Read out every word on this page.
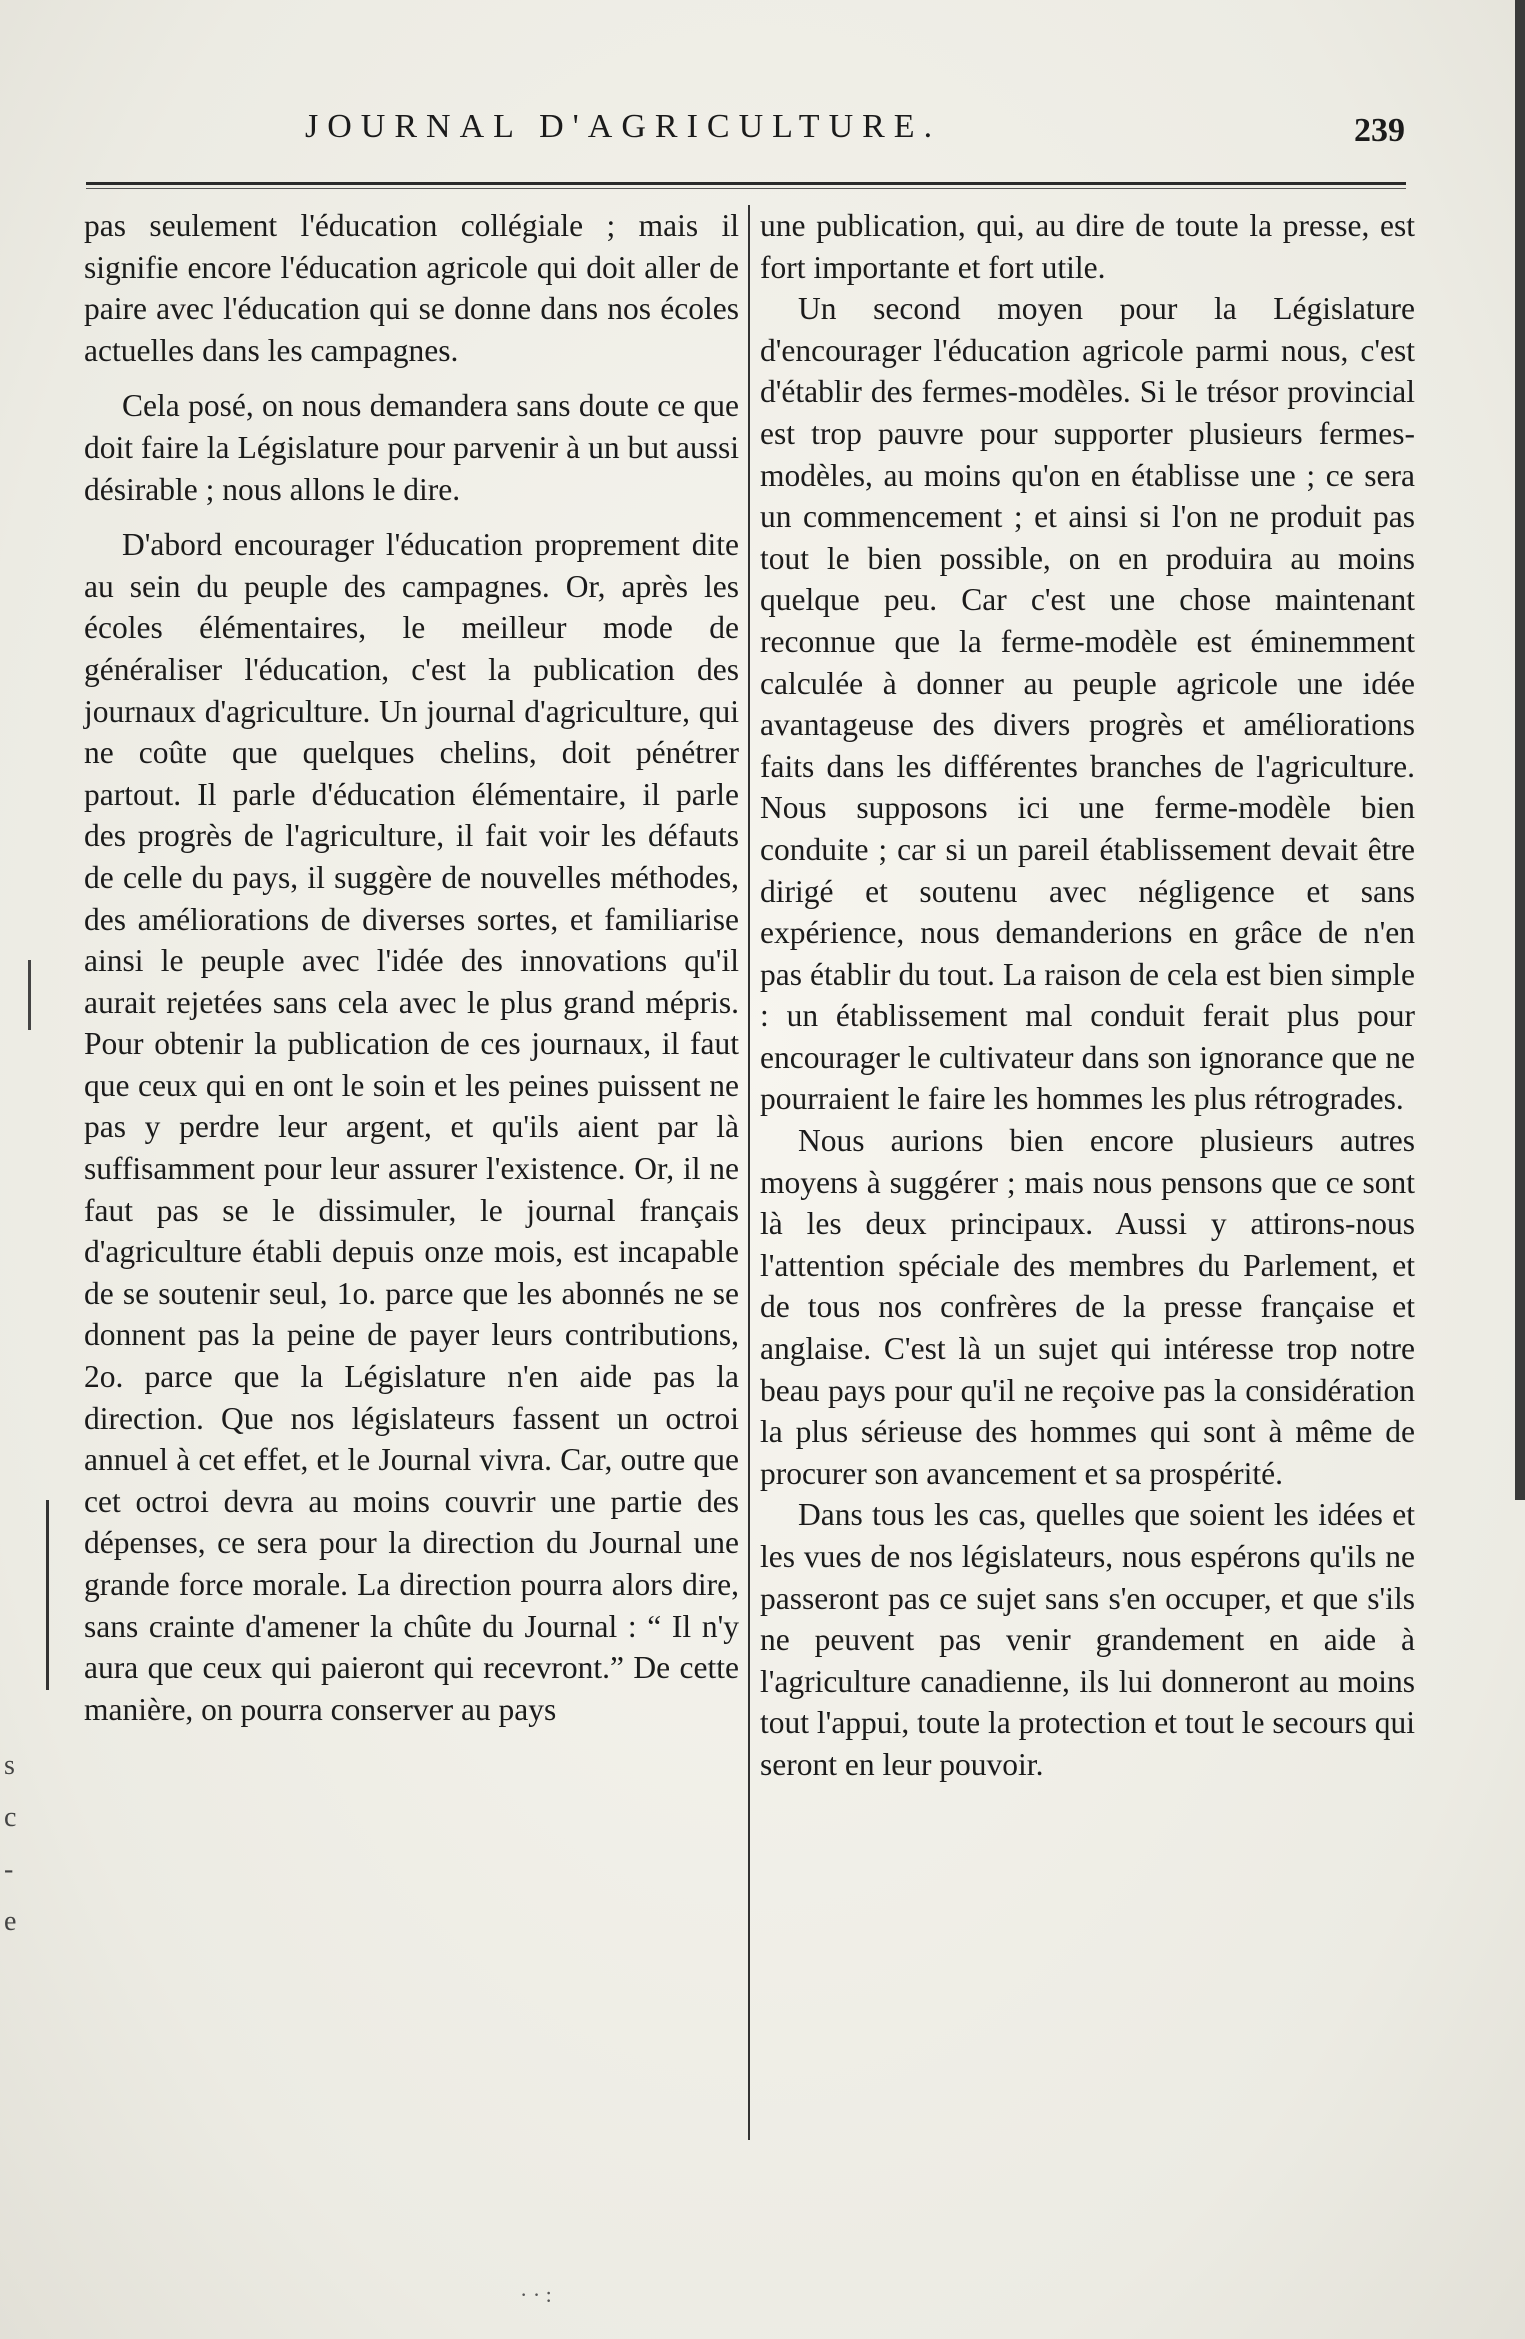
JOURNAL D'AGRICULTURE.	239

pas seulement l'éducation collégiale ; mais il signifie encore l'éducation agricole qui doit aller de paire avec l'éducation qui se donne dans nos écoles actuelles dans les campagnes.

Cela posé, on nous demandera sans doute ce que doit faire la Législature pour parvenir à un but aussi désirable ; nous allons le dire.

D'abord encourager l'éducation proprement dite au sein du peuple des campagnes. Or, après les écoles élémentaires, le meilleur mode de généraliser l'éducation, c'est la publication des journaux d'agriculture. Un journal d'agriculture, qui ne coûte que quelques chelins, doit pénétrer partout. Il parle d'éducation élémentaire, il parle des progrès de l'agriculture, il fait voir les défauts de celle du pays, il suggère de nouvelles méthodes, des améliorations de diverses sortes, et familiarise ainsi le peuple avec l'idée des innovations qu'il aurait rejetées sans cela avec le plus grand mépris. Pour obtenir la publication de ces journaux, il faut que ceux qui en ont le soin et les peines puissent ne pas y perdre leur argent, et qu'ils aient par là suffisamment pour leur assurer l'existence. Or, il ne faut pas se le dissimuler, le journal français d'agriculture établi depuis onze mois, est incapable de se soutenir seul, 1o. parce que les abonnés ne se donnent pas la peine de payer leurs contributions, 2o. parce que la Législature n'en aide pas la direction. Que nos législateurs fassent un octroi annuel à cet effet, et le Journal vivra. Car, outre que cet octroi devra au moins couvrir une partie des dépenses, ce sera pour la direction du Journal une grande force morale. La direction pourra alors dire, sans crainte d'amener la chûte du Journal : “ Il n'y aura que ceux qui paieront qui recevront.” De cette manière, on pourra conserver au pays

une publication, qui, au dire de toute la presse, est fort importante et fort utile.

Un second moyen pour la Législature d'encourager l'éducation agricole parmi nous, c'est d'établir des fermes-modèles. Si le trésor provincial est trop pauvre pour supporter plusieurs fermes-modèles, au moins qu'on en établisse une ; ce sera un commencement ; et ainsi si l'on ne produit pas tout le bien possible, on en produira au moins quelque peu. Car c'est une chose maintenant reconnue que la ferme-modèle est éminemment calculée à donner au peuple agricole une idée avantageuse des divers progrès et améliorations faits dans les différentes branches de l'agriculture. Nous supposons ici une ferme-modèle bien conduite ; car si un pareil établissement devait être dirigé et soutenu avec négligence et sans expérience, nous demanderions en grâce de n'en pas établir du tout. La raison de cela est bien simple : un établissement mal conduit ferait plus pour encourager le cultivateur dans son ignorance que ne pourraient le faire les hommes les plus rétrogrades.

Nous aurions bien encore plusieurs autres moyens à suggérer ; mais nous pensons que ce sont là les deux principaux. Aussi y attirons-nous l'attention spéciale des membres du Parlement, et de tous nos confrères de la presse française et anglaise. C'est là un sujet qui intéresse trop notre beau pays pour qu'il ne reçoive pas la considération la plus sérieuse des hommes qui sont à même de procurer son avancement et sa prospérité.

Dans tous les cas, quelles que soient les idées et les vues de nos législateurs, nous espérons qu'ils ne passeront pas ce sujet sans s'en occuper, et que s'ils ne peuvent pas venir grandement en aide à l'agriculture canadienne, ils lui donneront au moins tout l'appui, toute la protection et tout le secours qui seront en leur pouvoir.

s
c
-
e
· · :
